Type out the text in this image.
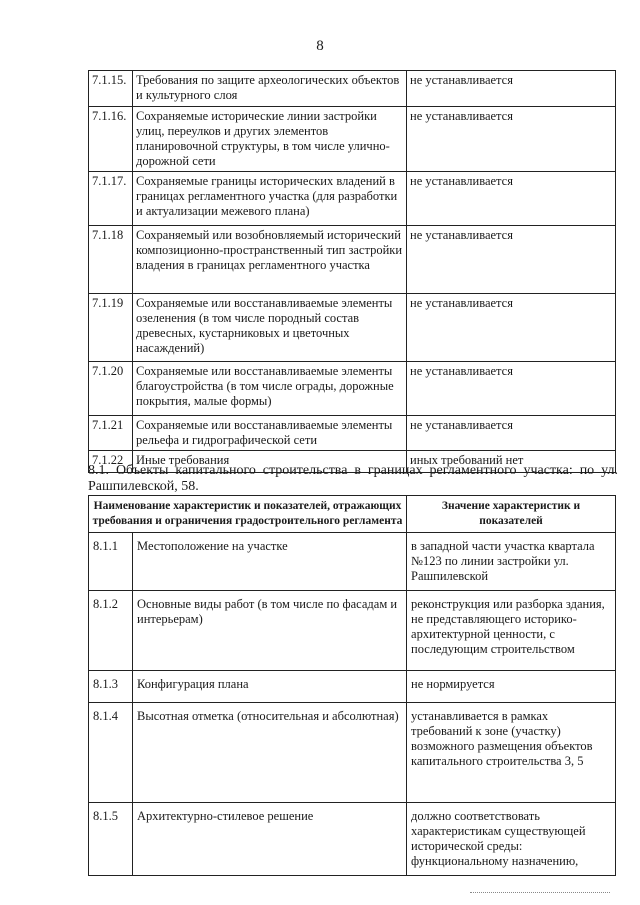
8
7.1.15.	Требования по защите археологических объектов и культурного слоя	не устанавливается
7.1.16.	Сохраняемые исторические линии застройки улиц, переулков и других элементов планировочной структуры, в том числе улично-дорожной сети	не устанавливается
7.1.17.	Сохраняемые границы исторических владений в границах регламентного участка (для разработки и актуализации межевого плана)	не устанавливается
7.1.18	Сохраняемый или возобновляемый исторический композиционно-пространственный тип застройки владения в границах регламентного участка	не устанавливается
7.1.19	Сохраняемые или восстанавливаемые элементы озеленения (в том числе породный состав древесных, кустарниковых и цветочных насаждений)	не устанавливается
7.1.20	Сохраняемые или восстанавливаемые элементы благоустройства (в том числе ограды, дорожные покрытия, малые формы)	не устанавливается
7.1.21	Сохраняемые или восстанавливаемые элементы рельефа и гидрографической сети	не устанавливается
7.1.22	Иные требования	иных требований нет
8.1. Объекты капитального строительства в границах регламентного участка: по ул. Рашпилевской, 58.
Наименование характеристик и показателей, отражающих требования и ограничения градостроительного регламента		Значение характеристик и показателей
8.1.1	Местоположение на участке	в западной части участка квартала №123 по линии застройки ул. Рашпилевской
8.1.2	Основные виды работ (в том числе по фасадам и интерьерам)	реконструкция или разборка здания, не представляющего историко-архитектурной ценности, с последующим строительством
8.1.3	Конфигурация плана	не нормируется
8.1.4	Высотная отметка (относительная и абсолютная)	устанавливается в рамках требований к зоне (участку) возможного размещения объектов капитального строительства 3, 5
8.1.5	Архитектурно-стилевое решение	должно соответствовать характеристикам существующей исторической среды: функциональному назначению,
